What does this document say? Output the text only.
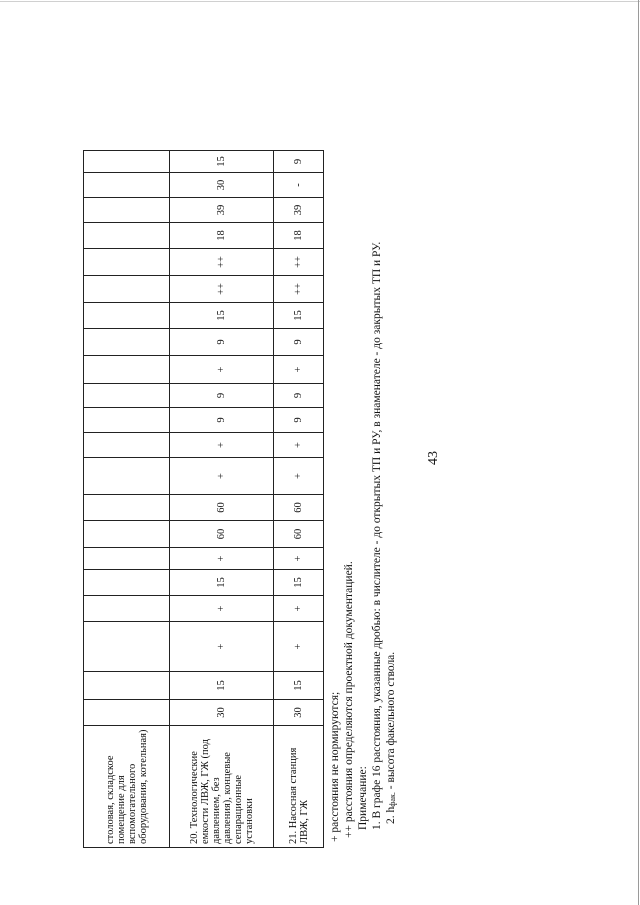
43
столовая, складское помещение для вспомогательного оборудования, котельная)																					
20. Технологические емкости ЛВЖ, ГЖ (под давлением, без давления), концевые сепарационные установки	30	15	+	+	15	+	60	60	+	+	9	9	+	9	15	++	++	18	39	30	15
21. Насосная станция ЛВЖ, ГЖ	30	15	+	+	15	+	60	60	+	+	9	9	+	9	15	++	++	18	39	-	9
+ расстояния не нормируются; ++ расстояния определяются проектной документацией. Примечание: 1. В графе 16 расстояния, указанные дробью: в числителе - до открытых ТП и РУ, в знаменателе - до закрытых ТП и РУ. 2. hфак. - высота факельного ствола.
